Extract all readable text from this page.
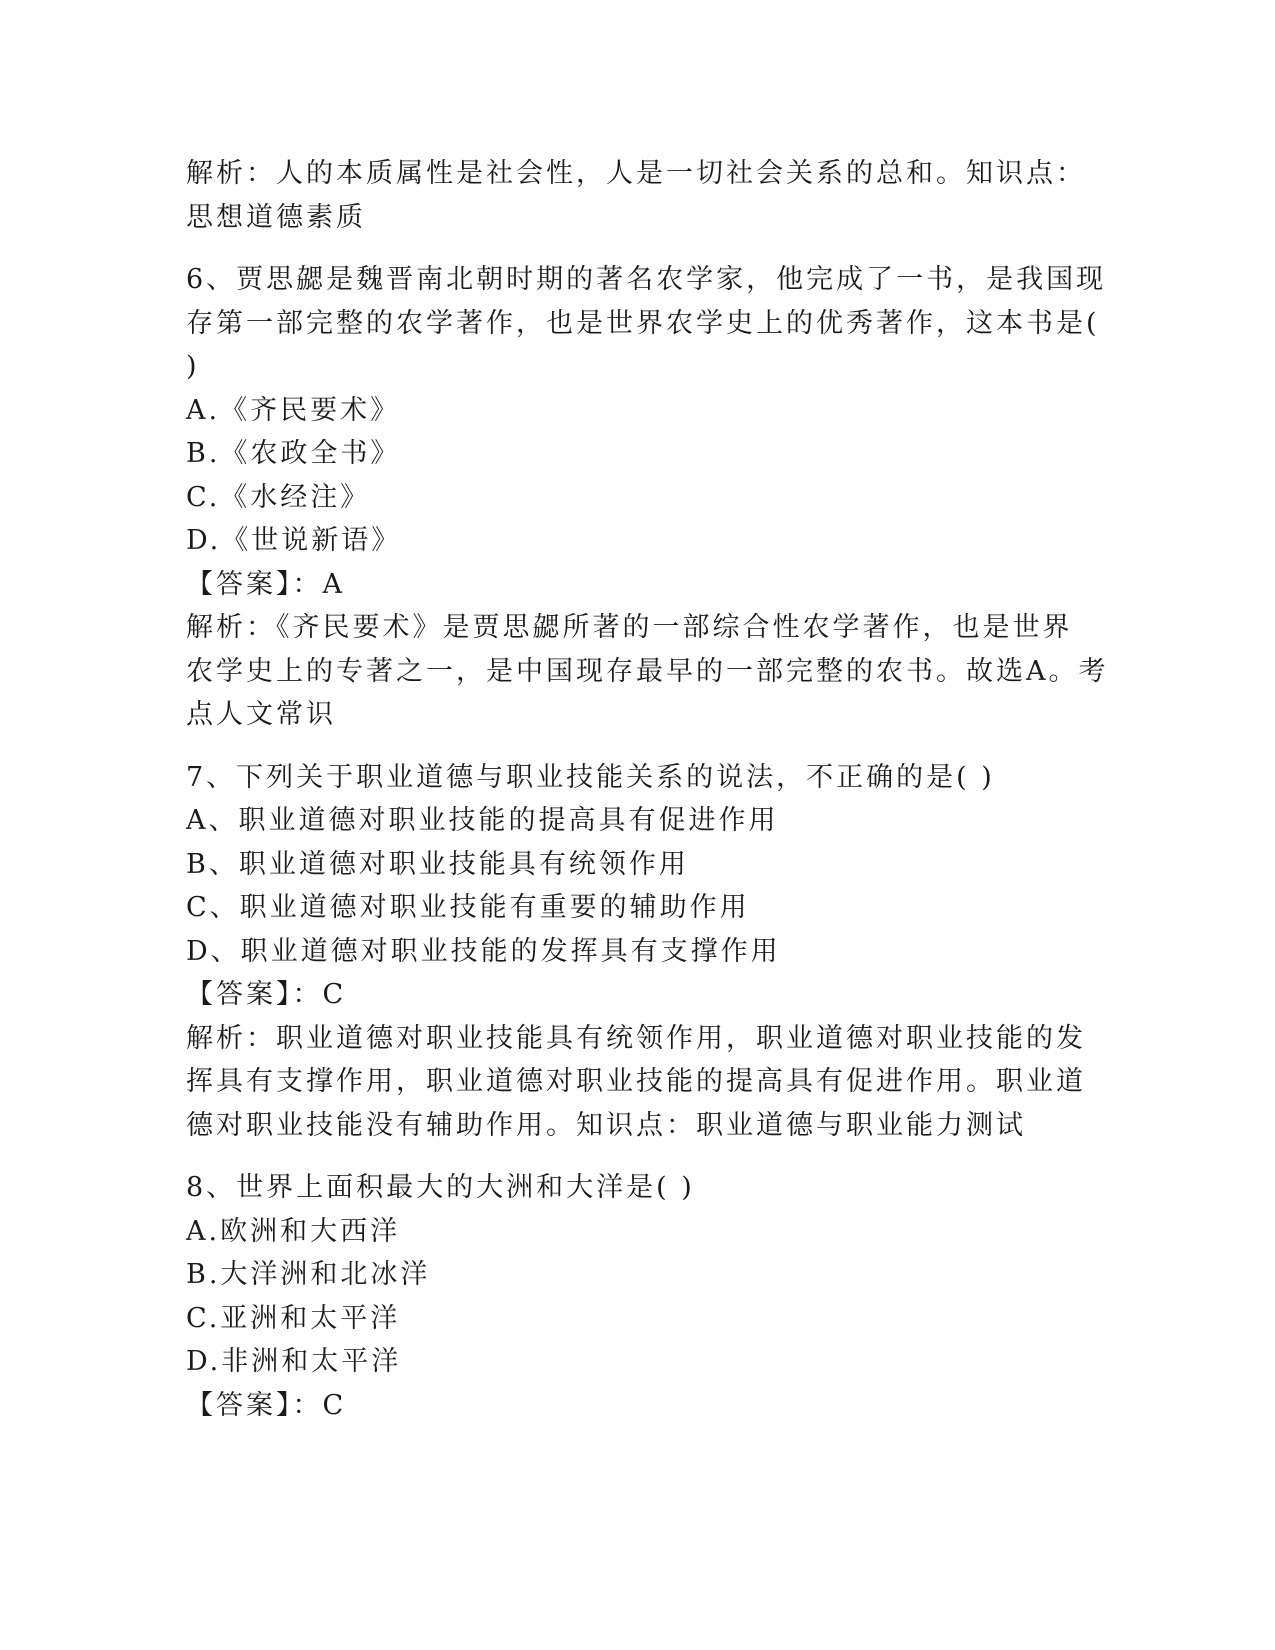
解析：人的本质属性是社会性，人是一切社会关系的总和。知识点：
思想道德素质
6、贾思勰是魏晋南北朝时期的著名农学家，他完成了一书，是我国现
存第一部完整的农学著作，也是世界农学史上的优秀著作，这本书是(
)
A.《齐民要术》
B.《农政全书》
C.《水经注》
D.《世说新语》
【答案】：A
解析：《齐民要术》是贾思勰所著的一部综合性农学著作，也是世界
农学史上的专著之一，是中国现存最早的一部完整的农书。故选A。考
点人文常识
7、下列关于职业道德与职业技能关系的说法，不正确的是( )
A、职业道德对职业技能的提高具有促进作用
B、职业道德对职业技能具有统领作用
C、职业道德对职业技能有重要的辅助作用
D、职业道德对职业技能的发挥具有支撑作用
【答案】：C
解析：职业道德对职业技能具有统领作用，职业道德对职业技能的发
挥具有支撑作用，职业道德对职业技能的提高具有促进作用。职业道
德对职业技能没有辅助作用。知识点：职业道德与职业能力测试
8、世界上面积最大的大洲和大洋是( )
A.欧洲和大西洋
B.大洋洲和北冰洋
C.亚洲和太平洋
D.非洲和太平洋
【答案】：C
